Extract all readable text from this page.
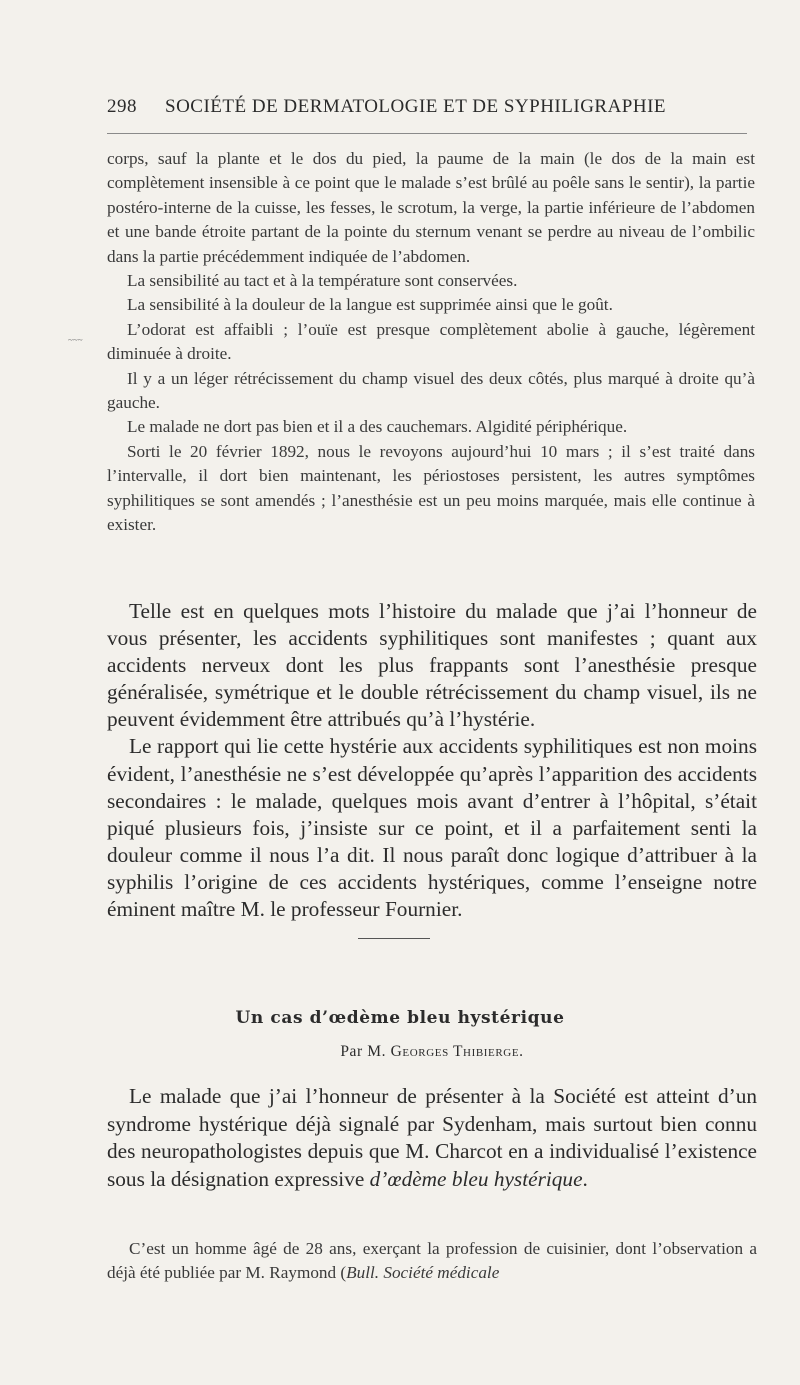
298 SOCIÉTÉ DE DERMATOLOGIE ET DE SYPHILIGRAPHIE
~~~

corps, sauf la plante et le dos du pied, la paume de la main (le dos de la main est complètement insensible à ce point que le malade s’est brûlé au poêle sans le sentir), la partie postéro-interne de la cuisse, les fesses, le scrotum, la verge, la partie inférieure de l’abdomen et une bande étroite partant de la pointe du sternum venant se perdre au niveau de l’ombilic dans la partie précédemment indiquée de l’abdomen.

La sensibilité au tact et à la température sont conservées.

La sensibilité à la douleur de la langue est supprimée ainsi que le goût.

L’odorat est affaibli ; l’ouïe est presque complètement abolie à gauche, légèrement diminuée à droite.

Il y a un léger rétrécissement du champ visuel des deux côtés, plus marqué à droite qu’à gauche.

Le malade ne dort pas bien et il a des cauchemars. Algidité périphérique.

Sorti le 20 février 1892, nous le revoyons aujourd’hui 10 mars ; il s’est traité dans l’intervalle, il dort bien maintenant, les périostoses persistent, les autres symptômes syphilitiques se sont amendés ; l’anesthésie est un peu moins marquée, mais elle continue à exister.

Telle est en quelques mots l’histoire du malade que j’ai l’honneur de vous présenter, les accidents syphilitiques sont manifestes ; quant aux accidents nerveux dont les plus frappants sont l’anesthésie presque généralisée, symétrique et le double rétrécissement du champ visuel, ils ne peuvent évidemment être attribués qu’à l’hystérie.

Le rapport qui lie cette hystérie aux accidents syphilitiques est non moins évident, l’anesthésie ne s’est développée qu’après l’apparition des accidents secondaires : le malade, quelques mois avant d’entrer à l’hôpital, s’était piqué plusieurs fois, j’insiste sur ce point, et il a parfaitement senti la douleur comme il nous l’a dit. Il nous paraît donc logique d’attribuer à la syphilis l’origine de ces accidents hystériques, comme l’enseigne notre éminent maître M. le professeur Fournier.

Un cas d’œdème bleu hystérique
Par M. Georges Thibierge.

Le malade que j’ai l’honneur de présenter à la Société est atteint d’un syndrome hystérique déjà signalé par Sydenham, mais surtout bien connu des neuropathologistes depuis que M. Charcot en a individualisé l’existence sous la désignation expressive d’œdème bleu hystérique.

C’est un homme âgé de 28 ans, exerçant la profession de cuisinier, dont l’observation a déjà été publiée par M. Raymond (Bull. Société médicale
